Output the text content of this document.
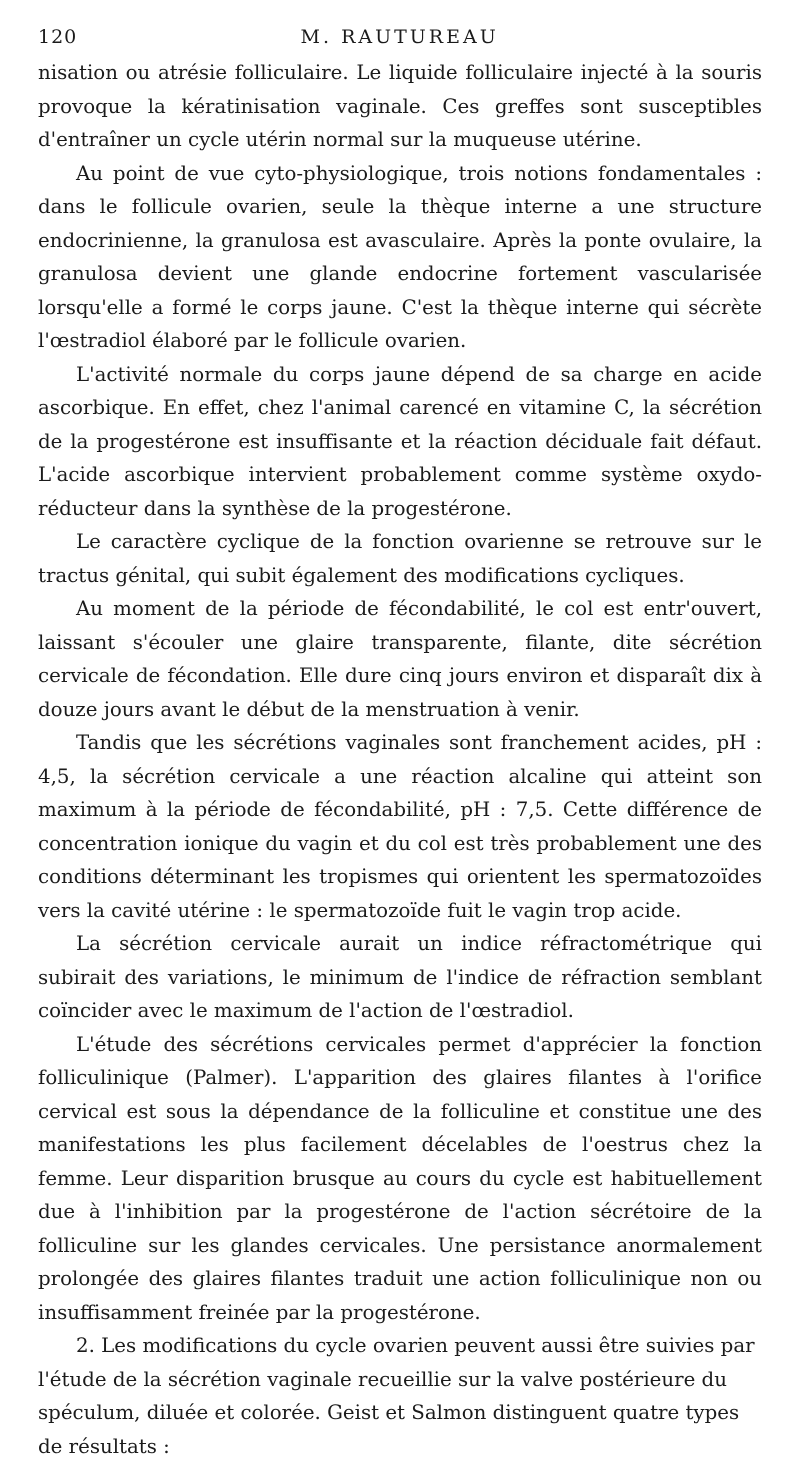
120	M. RAUTUREAU

nisation ou atrésie folliculaire. Le liquide folliculaire injecté à la souris provoque la kératinisation vaginale. Ces greffes sont susceptibles d'entraîner un cycle utérin normal sur la muqueuse utérine.

Au point de vue cyto-physiologique, trois notions fondamentales : dans le follicule ovarien, seule la thèque interne a une structure endocrinienne, la granulosa est avasculaire. Après la ponte ovulaire, la granulosa devient une glande endocrine fortement vascularisée lorsqu'elle a formé le corps jaune. C'est la thèque interne qui sécrète l'œstradiol élaboré par le follicule ovarien.

L'activité normale du corps jaune dépend de sa charge en acide ascorbique. En effet, chez l'animal carencé en vitamine C, la sécrétion de la progestérone est insuffisante et la réaction déciduale fait défaut. L'acide ascorbique intervient probablement comme système oxydo-réducteur dans la synthèse de la progestérone.

Le caractère cyclique de la fonction ovarienne se retrouve sur le tractus génital, qui subit également des modifications cycliques.

Au moment de la période de fécondabilité, le col est entr'ouvert, laissant s'écouler une glaire transparente, filante, dite sécrétion cervicale de fécondation. Elle dure cinq jours environ et disparaît dix à douze jours avant le début de la menstruation à venir.

Tandis que les sécrétions vaginales sont franchement acides, pH : 4,5, la sécrétion cervicale a une réaction alcaline qui atteint son maximum à la période de fécondabilité, pH : 7,5. Cette différence de concentration ionique du vagin et du col est très probablement une des conditions déterminant les tropismes qui orientent les spermatozoïdes vers la cavité utérine : le spermatozoïde fuit le vagin trop acide.

La sécrétion cervicale aurait un indice réfractométrique qui subirait des variations, le minimum de l'indice de réfraction semblant coïncider avec le maximum de l'action de l'œstradiol.

L'étude des sécrétions cervicales permet d'apprécier la fonction folliculinique (Palmer). L'apparition des glaires filantes à l'orifice cervical est sous la dépendance de la folliculine et constitue une des manifestations les plus facilement décelables de l'oestrus chez la femme. Leur disparition brusque au cours du cycle est habituellement due à l'inhibition par la progestérone de l'action sécrétoire de la folliculine sur les glandes cervicales. Une persistance anormalement prolongée des glaires filantes traduit une action folliculinique non ou insuffisamment freinée par la progestérone.

2. Les modifications du cycle ovarien peuvent aussi être suivies par l'étude de la sécrétion vaginale recueillie sur la valve postérieure du spéculum, diluée et colorée. Geist et Salmon distinguent quatre types de résultats :
